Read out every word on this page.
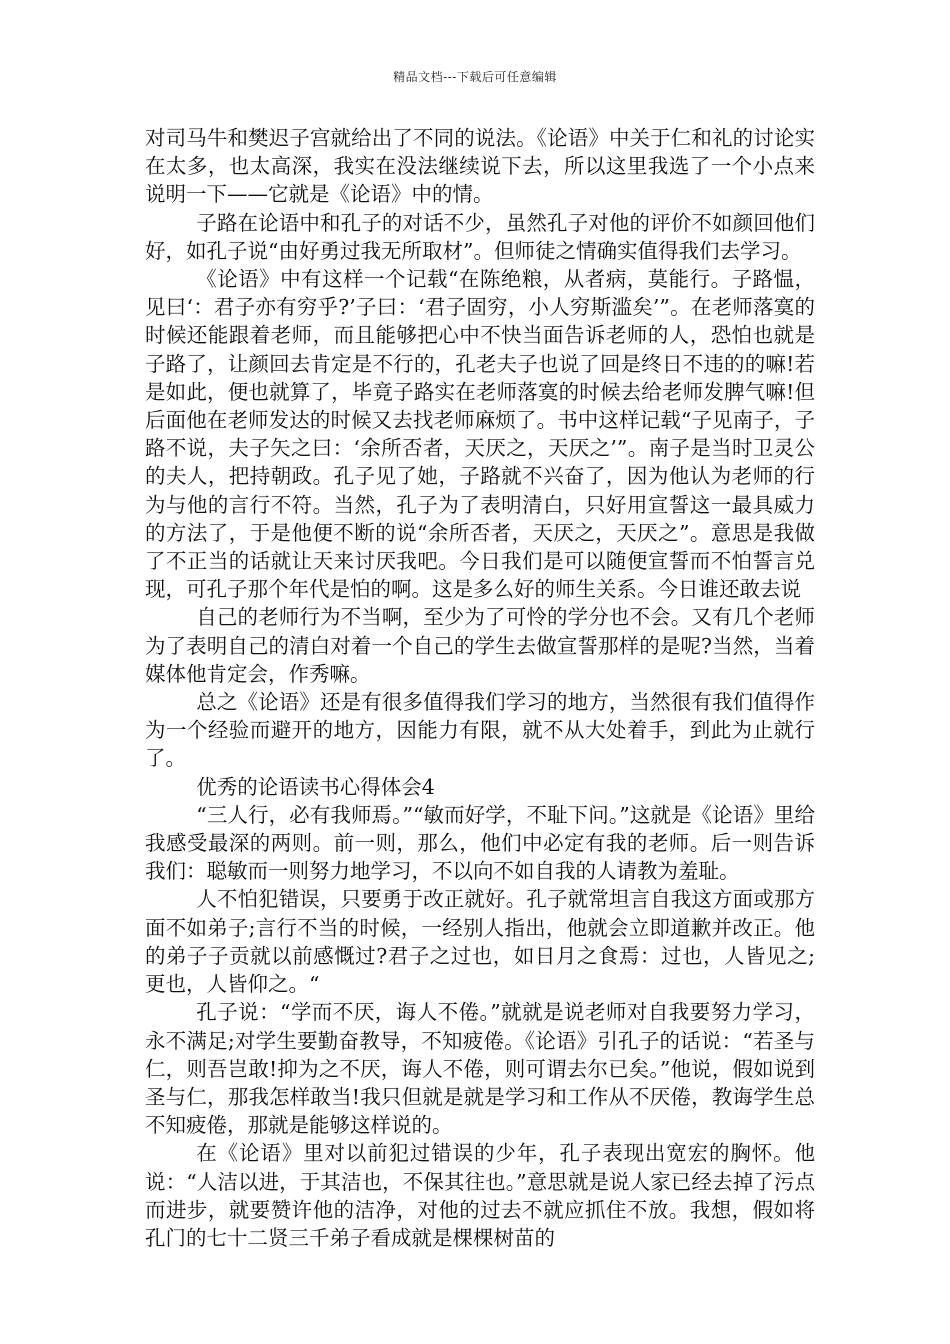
精品文档---下载后可任意编辑

对司马牛和樊迟子宫就给出了不同的说法。《论语》中关于仁和礼的讨论实在太多，也太高深，我实在没法继续说下去，所以这里我选了一个小点来说明一下——它就是《论语》中的情。

子路在论语中和孔子的对话不少，虽然孔子对他的评价不如颜回他们好，如孔子说“由好勇过我无所取材”。但师徒之情确实值得我们去学习。

《论语》中有这样一个记载“在陈绝粮，从者病，莫能行。子路愠，见曰‘：君子亦有穷乎?’子曰：‘君子固穷，小人穷斯滥矣’”。在老师落寞的时候还能跟着老师，而且能够把心中不快当面告诉老师的人，恐怕也就是子路了，让颜回去肯定是不行的，孔老夫子也说了回是终日不违的的嘛!若是如此，便也就算了，毕竟子路实在老师落寞的时候去给老师发脾气嘛!但后面他在老师发达的时候又去找老师麻烦了。书中这样记载“子见南子，子路不说，夫子矢之曰：‘余所否者，天厌之，天厌之’”。南子是当时卫灵公的夫人，把持朝政。孔子见了她，子路就不兴奋了，因为他认为老师的行为与他的言行不符。当然，孔子为了表明清白，只好用宣誓这一最具威力的方法了，于是他便不断的说“余所否者，天厌之，天厌之”。意思是我做了不正当的话就让天来讨厌我吧。今日我们是可以随便宣誓而不怕誓言兑现，可孔子那个年代是怕的啊。这是多么好的师生关系。今日谁还敢去说

自己的老师行为不当啊，至少为了可怜的学分也不会。又有几个老师为了表明自己的清白对着一个自己的学生去做宣誓那样的是呢?当然，当着媒体他肯定会，作秀嘛。

总之《论语》还是有很多值得我们学习的地方，当然很有我们值得作为一个经验而避开的地方，因能力有限，就不从大处着手，到此为止就行了。

优秀的论语读书心得体会4

“三人行，必有我师焉。”“敏而好学，不耻下问。”这就是《论语》里给我感受最深的两则。前一则，那么，他们中必定有我的老师。后一则告诉我们：聪敏而一则努力地学习，不以向不如自我的人请教为羞耻。

人不怕犯错误，只要勇于改正就好。孔子就常坦言自我这方面或那方面不如弟子;言行不当的时候，一经别人指出，他就会立即道歉并改正。他的弟子子贡就以前感慨过?君子之过也，如日月之食焉：过也，人皆见之;更也，人皆仰之。“

孔子说：“学而不厌，诲人不倦。”就就是说老师对自我要努力学习，永不满足;对学生要勤奋教导，不知疲倦。《论语》引孔子的话说：“若圣与仁，则吾岂敢!抑为之不厌，诲人不倦，则可谓去尔已矣。”他说，假如说到圣与仁，那我怎样敢当!我只但就是就是学习和工作从不厌倦，教诲学生总不知疲倦，那就是能够这样说的。

在《论语》里对以前犯过错误的少年，孔子表现出宽宏的胸怀。他说：“人洁以进，于其洁也，不保其往也。”意思就是说人家已经去掉了污点而进步，就要赞许他的洁净，对他的过去不就应抓住不放。我想，假如将孔门的七十二贤三千弟子看成就是棵棵树苗的
